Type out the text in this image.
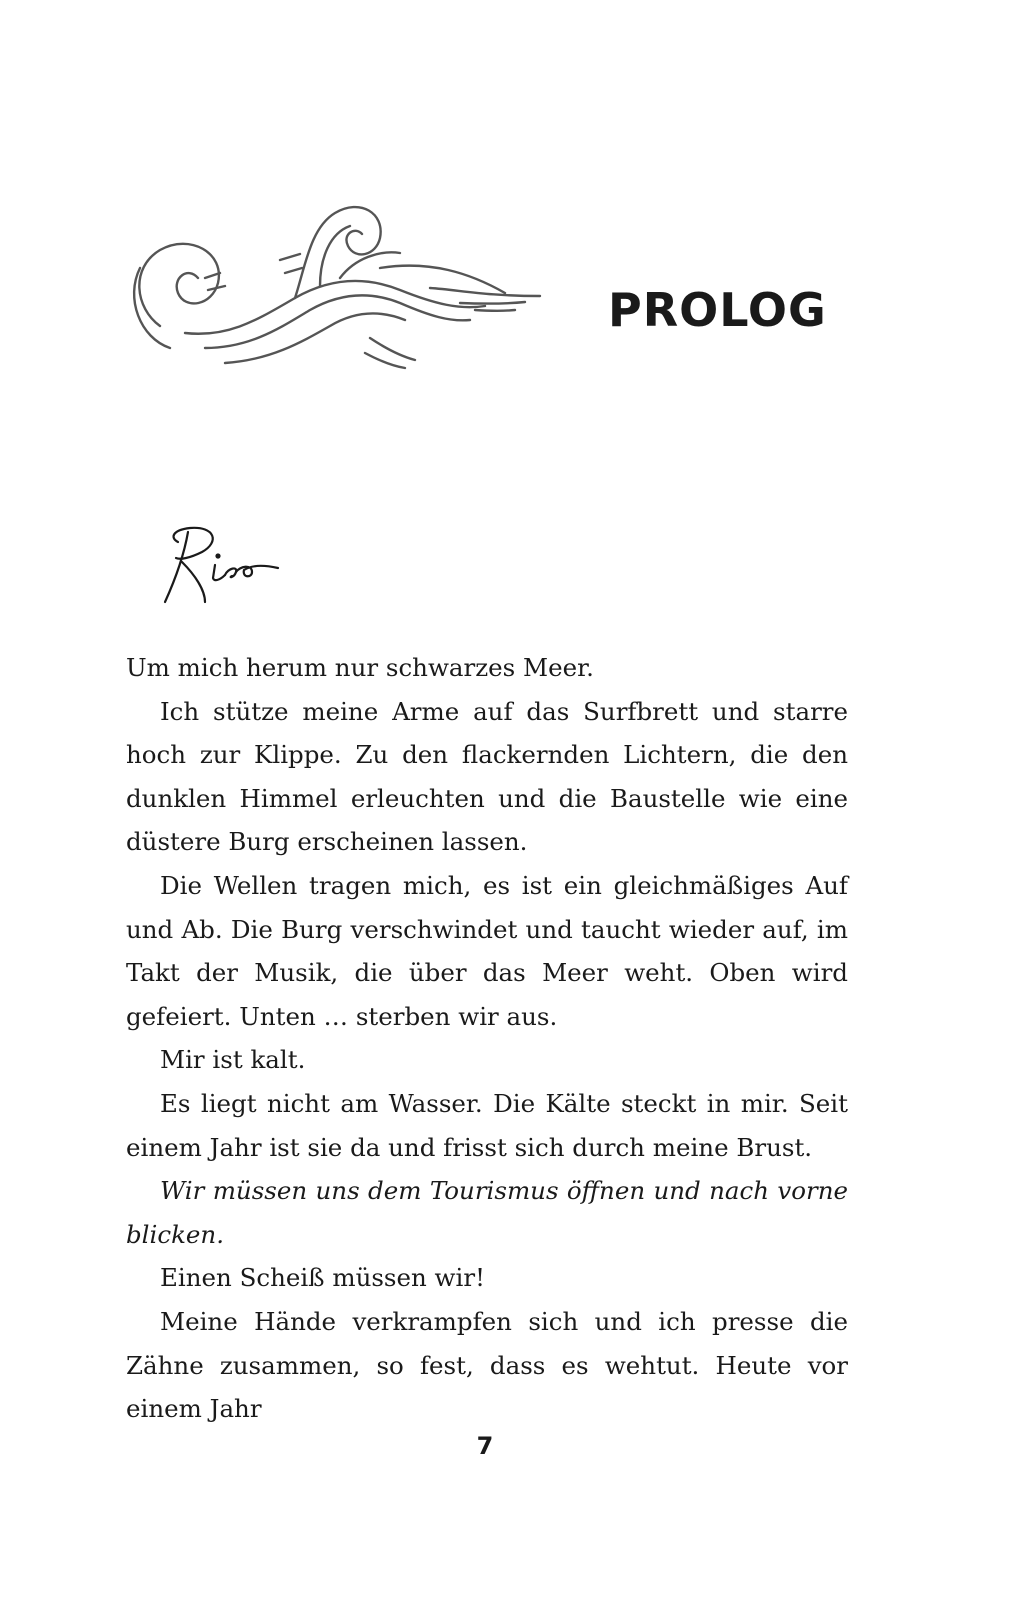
PROLOG

Um mich herum nur schwarzes Meer.

Ich stütze meine Arme auf das Surfbrett und starre hoch zur Klippe. Zu den flackernden Lichtern, die den dunklen Himmel erleuchten und die Baustelle wie eine düstere Burg erscheinen lassen.

Die Wellen tragen mich, es ist ein gleichmäßiges Auf und Ab. Die Burg verschwindet und taucht wieder auf, im Takt der Musik, die über das Meer weht. Oben wird gefeiert. Unten … sterben wir aus.

Mir ist kalt.

Es liegt nicht am Wasser. Die Kälte steckt in mir. Seit einem Jahr ist sie da und frisst sich durch meine Brust.

Wir müssen uns dem Tourismus öffnen und nach vorne blicken.

Einen Scheiß müssen wir!

Meine Hände verkrampfen sich und ich presse die Zähne zusammen, so fest, dass es wehtut. Heute vor einem Jahr

7
